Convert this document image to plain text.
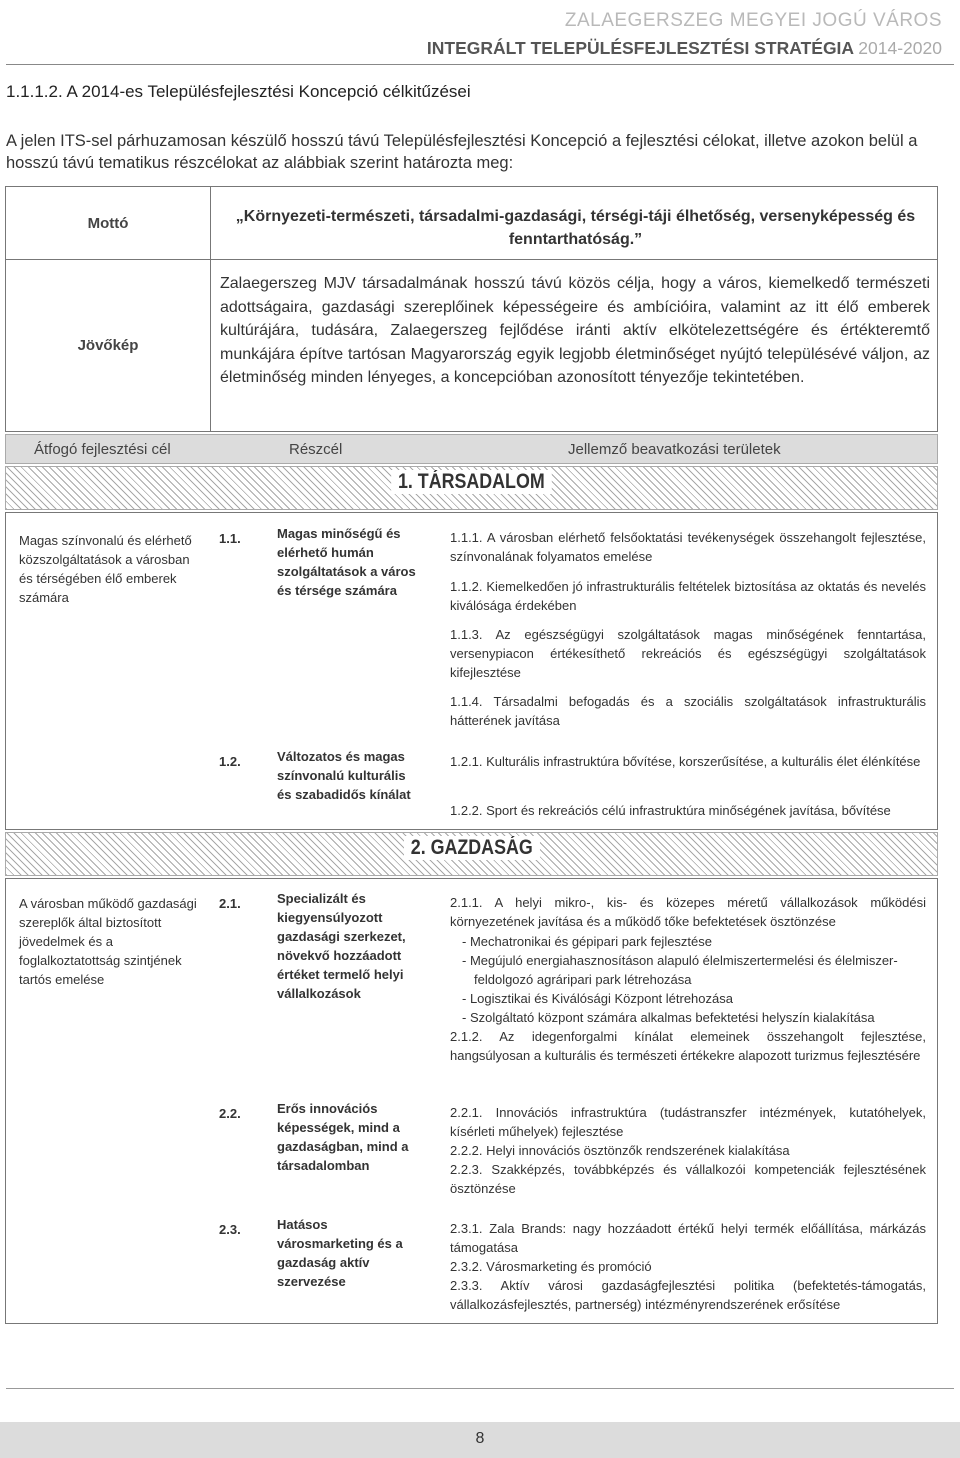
ZALAEGERSZEG MEGYEI JOGÚ VÁROS
INTEGRÁLT TELEPÜLÉSFEJLESZTÉSI STRATÉGIA 2014-2020
1.1.1.2. A 2014-es Településfejlesztési Koncepció célkitűzései
A jelen ITS-sel párhuzamosan készülő hosszú távú Településfejlesztési Koncepció a fejlesztési célokat, illetve azokon belül a hosszú távú tematikus részcélokat az alábbiak szerint határozta meg:
Mottó	„Környezeti-természeti, társadalmi-gazdasági, térségi-táji élhetőség, versenyképesség és fenntarthatóság.”
Jövőkép
Zalaegerszeg MJV társadalmának hosszú távú közös célja, hogy a város, kiemelkedő természeti adottságaira, gazdasági szereplőinek képességeire és ambícióira, valamint az itt élő emberek kultúrájára, tudására, Zalaegerszeg fejlődése iránti aktív elkötelezettségére és értékteremtő munkájára építve tartósan Magyarország egyik legjobb életminőséget nyújtó településévé váljon, az életminőség minden lényeges, a koncepcióban azonosított tényezője tekintetében.
Átfogó fejlesztési cél	Részcél	Jellemző beavatkozási területek
1. TÁRSADALOM
Magas színvonalú és elérhető közszolgáltatások a városban és térségében élő emberek számára
1.1.	Magas minőségű és elérhető humán szolgáltatások a város és térsége számára
1.1.1. A városban elérhető felsőoktatási tevékenységek összehangolt fejlesztése, színvonalának folyamatos emelése
1.1.2. Kiemelkedően jó infrastrukturális feltételek biztosítása az oktatás és nevelés kiválósága érdekében
1.1.3. Az egészségügyi szolgáltatások magas minőségének fenntartása, versenypiacon értékesíthető rekreációs és egészségügyi szolgáltatások kifejlesztése
1.1.4. Társadalmi befogadás és a szociális szolgáltatások infrastrukturális hátterének javítása
1.2.	Változatos és magas színvonalú kulturális és szabadidős kínálat
1.2.1. Kulturális infrastruktúra bővítése, korszerűsítése, a kulturális élet élénkítése
1.2.2. Sport és rekreációs célú infrastruktúra minőségének javítása, bővítése
2. GAZDASÁG
A városban működő gazdasági szereplők által biztosított jövedelmek és a foglalkoztatottság szintjének tartós emelése
2.1.	Specializált és kiegyensúlyozott gazdasági szerkezet, növekvő hozzáadott értéket termelő helyi vállalkozások
2.1.1. A helyi mikro-, kis- és közepes méretű vállalkozások működési környezetének javítása és a működő tőke befektetések ösztönzése
- Mechatronikai és gépipari park fejlesztése
- Megújuló energiahasznosításon alapuló élelmiszertermelési és élelmiszer-feldolgozó agráripari park létrehozása
- Logisztikai és Kiválósági Központ létrehozása
- Szolgáltató központ számára alkalmas befektetési helyszín kialakítása
2.1.2. Az idegenforgalmi kínálat elemeinek összehangolt fejlesztése, hangsúlyosan a kulturális és természeti értékekre alapozott turizmus fejlesztésére
2.2.	Erős innovációs képességek, mind a gazdaságban, mind a társadalomban
2.2.1. Innovációs infrastruktúra (tudástranszfer intézmények, kutatóhelyek, kísérleti műhelyek) fejlesztése
2.2.2. Helyi innovációs ösztönzők rendszerének kialakítása
2.2.3. Szakképzés, továbbképzés és vállalkozói kompetenciák fejlesztésének ösztönzése
2.3.	Hatásos városmarketing és a gazdaság aktív szervezése
2.3.1. Zala Brands: nagy hozzáadott értékű helyi termék előállítása, márkázás támogatása
2.3.2. Városmarketing és promóció
2.3.3. Aktív városi gazdaságfejlesztési politika (befektetés-támogatás, vállalkozásfejlesztés, partnerség) intézményrendszerének erősítése
8
